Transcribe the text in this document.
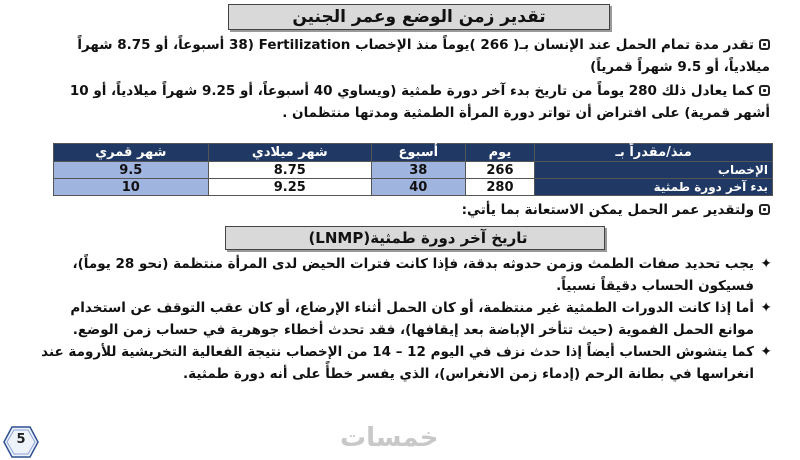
تقدير زمن الوضع وعمر الجنين
تقدر مدة تمام الحمل عند الإنسان بـ( 266 )يوماً منذ الإخصاب Fertilization (38 أسبوعاً، أو 8.75 شهراً ميلادياً، أو 9.5 شهراً قمرياً)
كما يعادل ذلك 280 يوماً من تاريخ بدء آخر دورة طمثية (ويساوي 40 أسبوعاً، أو 9.25 شهراً ميلادياً، أو 10 أشهر قمرية) على افتراض أن تواتر دورة المرأة الطمثية ومدتها منتظمان .
منذ/مقدراً بـ	يوم	أسبوع	شهر ميلادي	شهر قمري
الإخصاب	266	38	8.75	9.5
بدء آخر دورة طمثية	280	40	9.25	10
ولتقدير عمر الحمل يمكن الاستعانة بما يأتي:
تاريخ آخر دورة طمثية
(LNMP)
✦
يجب تحديد صفات الطمث وزمن حدوثه بدقة، فإذا كانت فترات الحيض لدى المرأة منتظمة (نحو 28 يوماً)، فسيكون الحساب دقيقاً نسبياً.
✦
أما إذا كانت الدورات الطمثية غير منتظمة، أو كان الحمل أثناء الإرضاع، أو كان عقب التوقف عن استخدام موانع الحمل الفموية (حيث تتأخر الإباضة بعد إيقافها)، فقد تحدث أخطاء جوهرية في حساب زمن الوضع.
✦
كما يتشوش الحساب أيضاً إذا حدث نزف في اليوم 12 – 14 من الإخصاب نتيجة الفعالية التخريشية للأرومة عند انغراسها في بطانة الرحم (إدماء زمن الانغراس)، الذي يفسر خطأً على أنه دورة طمثية.
5	خمسات
